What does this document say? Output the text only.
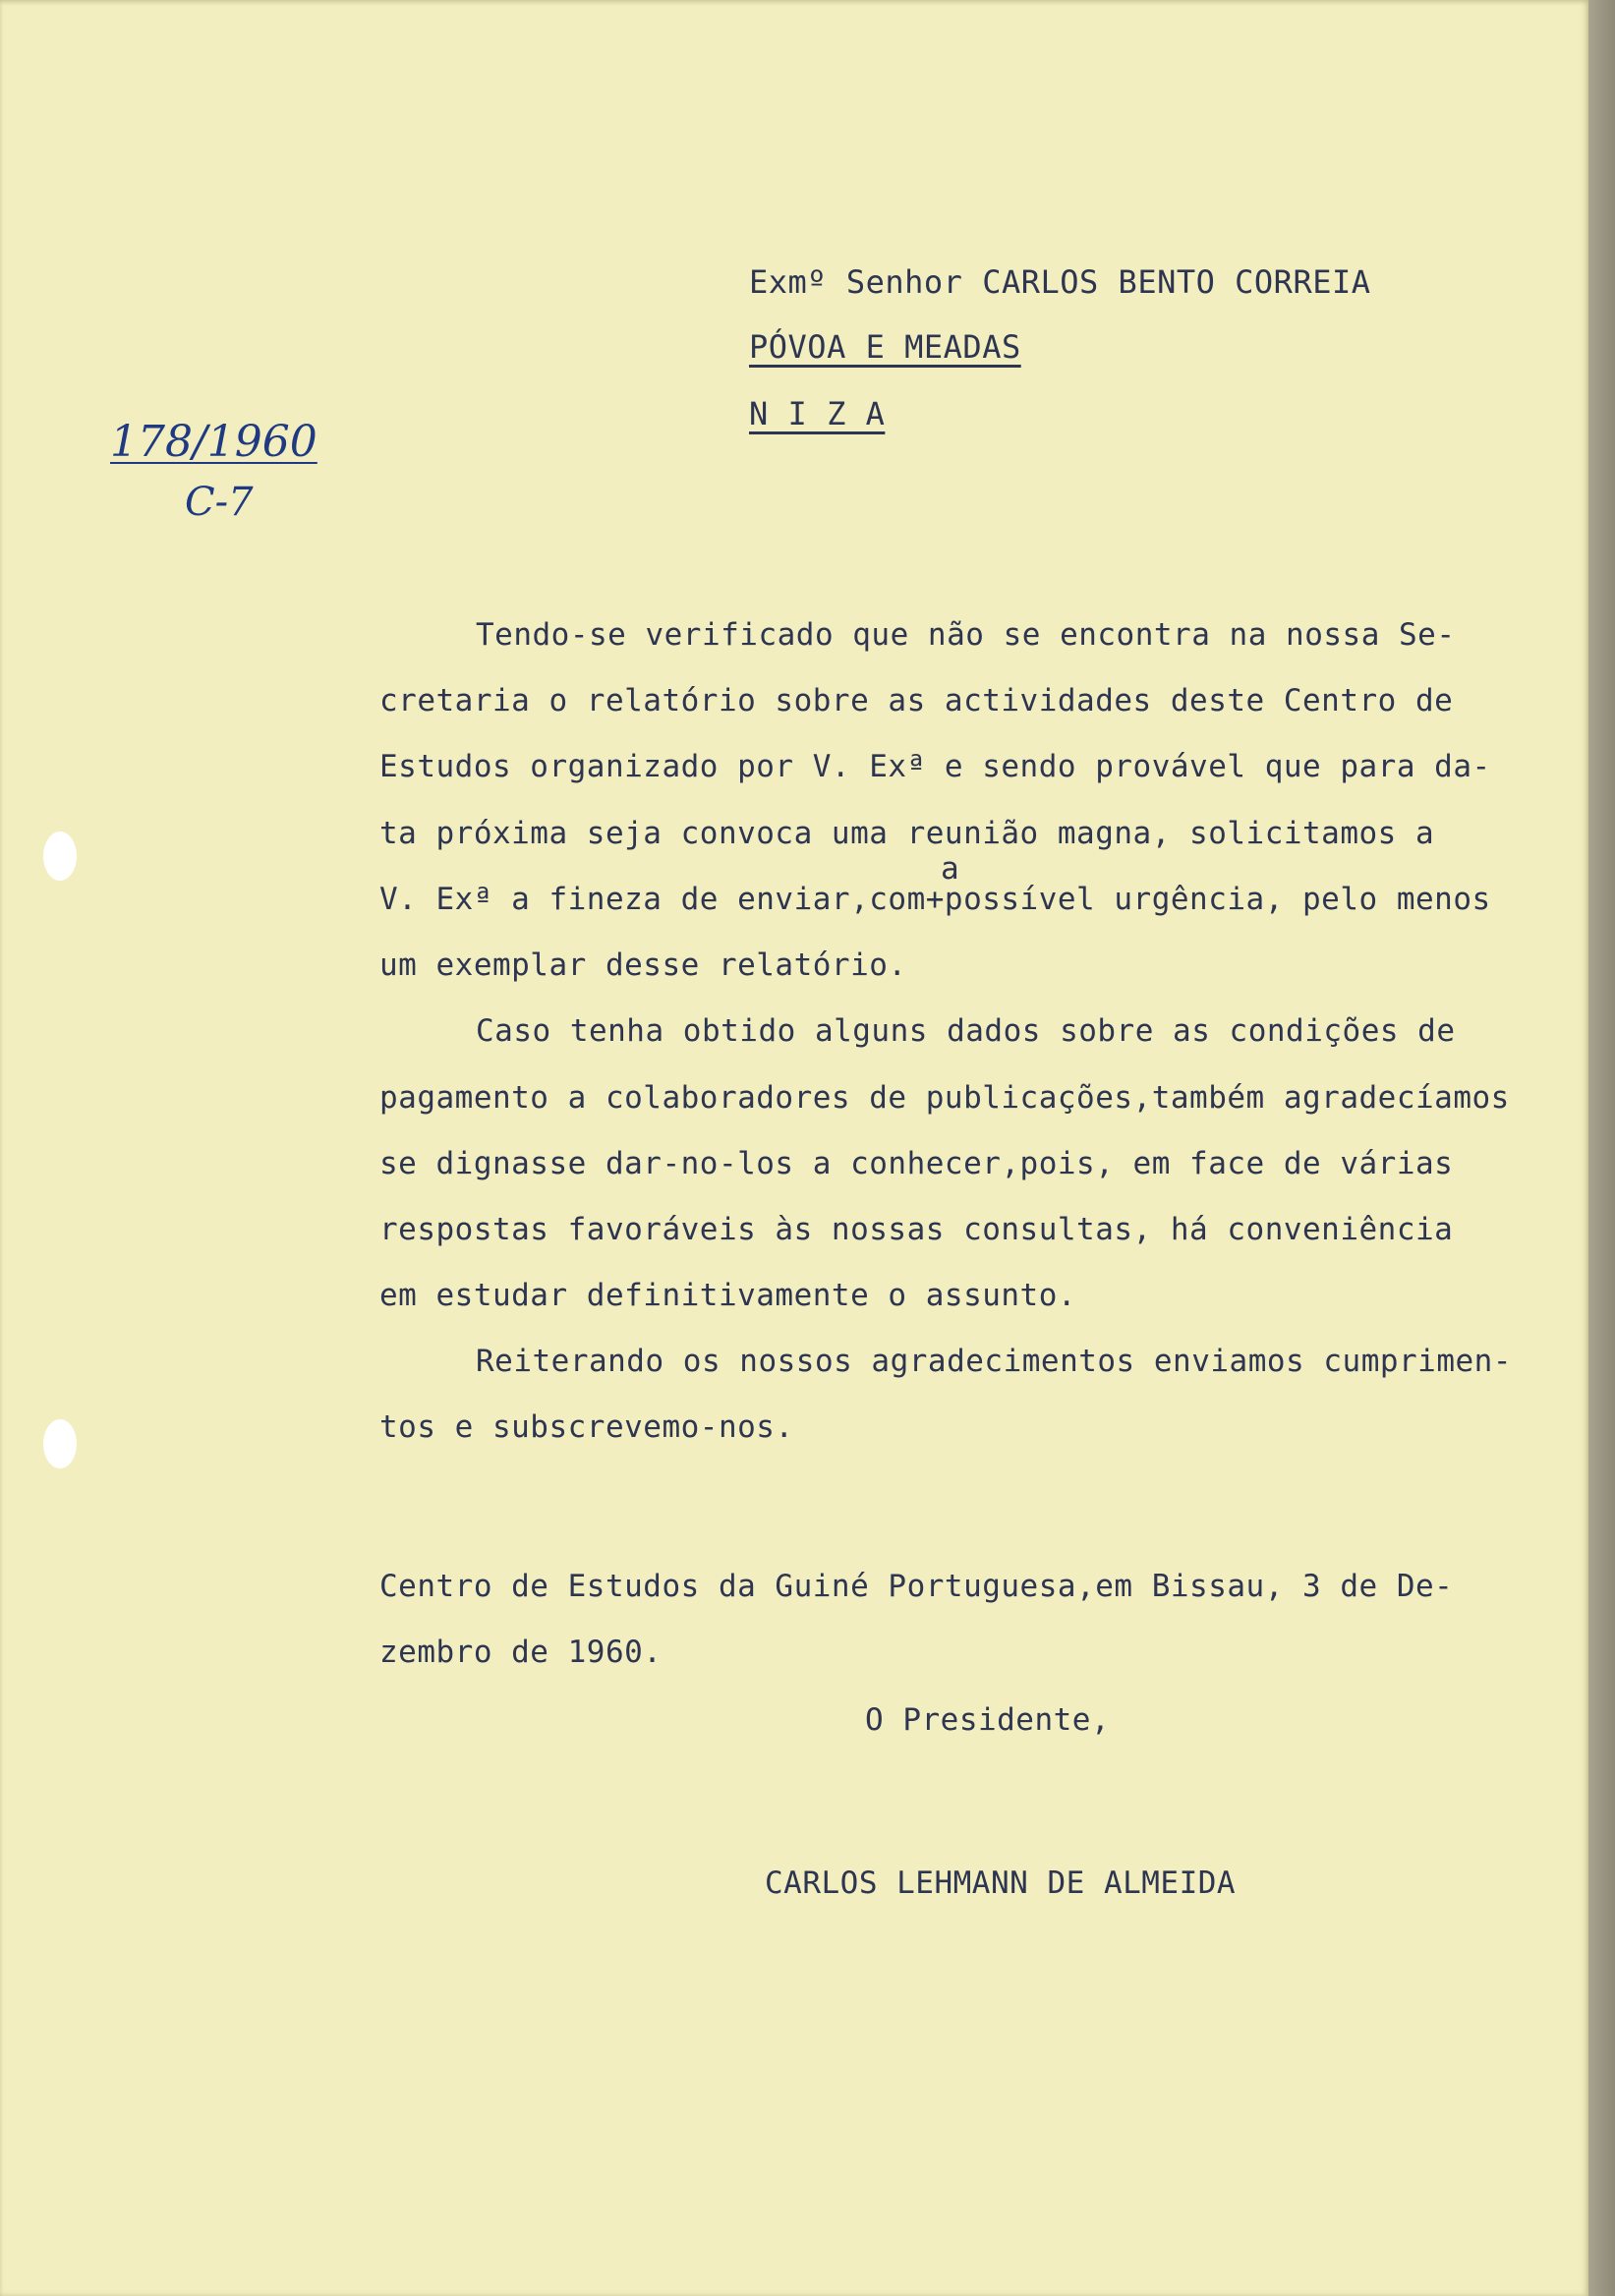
Exmº Senhor CARLOS BENTO CORREIA
PÓVOA E MEADAS
N I Z A
178/1960
C-7
Tendo-se verificado que não se encontra na nossa Se-
cretaria o relatório sobre as actividades deste Centro de
Estudos organizado por V. Exª e sendo provável que para da-
ta próxima seja convoca uma reunião magna, solicitamos a
a
V. Exª a fineza de enviar,com+possível urgência, pelo menos
um exemplar desse relatório.
Caso tenha obtido alguns dados sobre as condições de
pagamento a colaboradores de publicações,também agradecíamos
se dignasse dar-no-los a conhecer,pois, em face de várias
respostas favoráveis às nossas consultas, há conveniência
em estudar definitivamente o assunto.
Reiterando os nossos agradecimentos enviamos cumprimen-
tos e subscrevemo-nos.
Centro de Estudos da Guiné Portuguesa,em Bissau, 3 de De-
zembro de 1960.
O Presidente,
CARLOS LEHMANN DE ALMEIDA
